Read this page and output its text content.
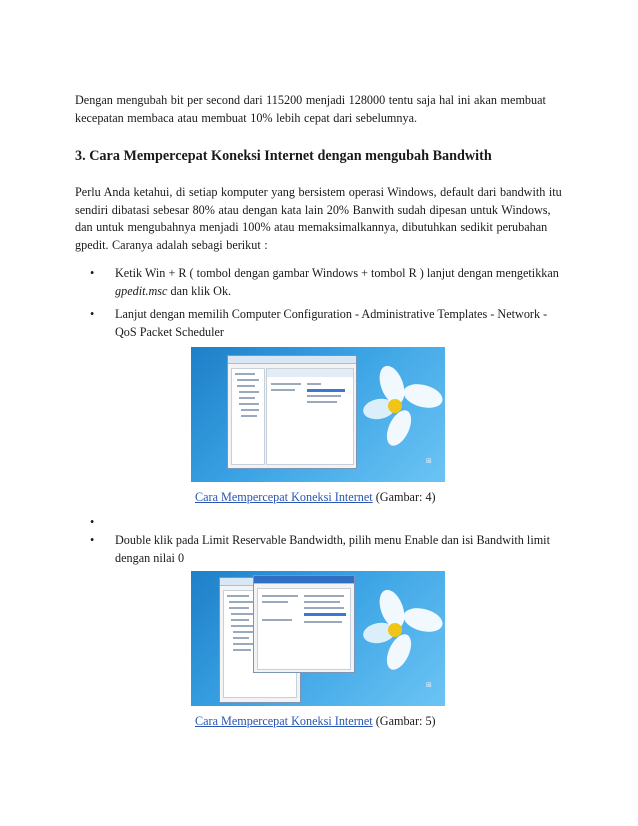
Dengan mengubah bit per second dari 115200 menjadi 128000 tentu saja hal ini akan membuat kecepatan membaca atau membuat 10% lebih cepat dari sebelumnya.

3. Cara Mempercepat Koneksi Internet dengan mengubah Bandwith

Perlu Anda ketahui, di setiap komputer yang bersistem operasi Windows, default dari bandwith itu sendiri dibatasi sebesar 80% atau dengan kata lain 20% Banwith sudah dipesan untuk Windows, dan untuk mengubahnya menjadi 100% atau memaksimalkannya, dibutuhkan sedikit perubahan gpedit. Caranya adalah sebagi berikut :

•	Ketik Win + R ( tombol dengan gambar Windows + tombol R ) lanjut dengan mengetikkan gpedit.msc dan klik Ok.
•	Lanjut dengan memilih Computer Configuration - Administrative Templates - Network - QoS Packet Scheduler
⊞
Cara Mempercepat Koneksi Internet (Gambar: 4)
•
•	Double klik pada Limit Reservable Bandwidth, pilih menu Enable dan isi Bandwith limit dengan nilai 0
⊞
Cara Mempercepat Koneksi Internet (Gambar: 5)
